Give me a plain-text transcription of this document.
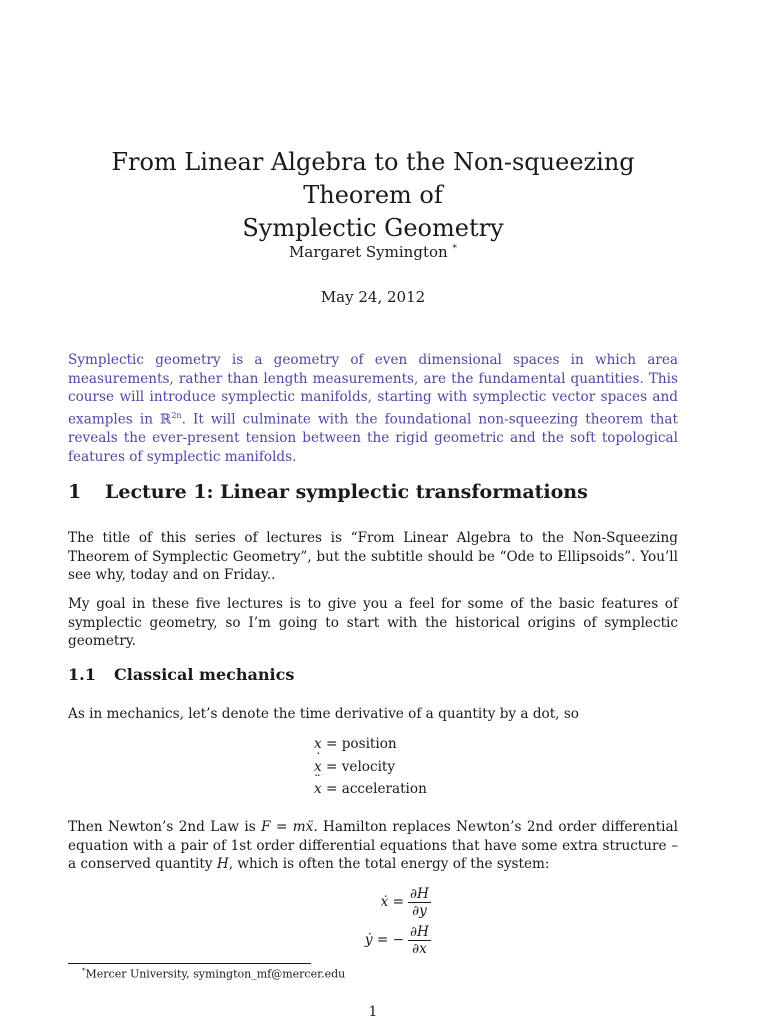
From Linear Algebra to the Non-squeezing Theorem of
Symplectic Geometry
Margaret Symington *
May 24, 2012

Symplectic geometry is a geometry of even dimensional spaces in which area measurements, rather than length measurements, are the fundamental quantities. This course will introduce symplectic manifolds, starting with symplectic vector spaces and examples in ℝ$^{2n}$. It will culminate with the foundational non-squeezing theorem that reveals the ever-present tension between the rigid geometric and the soft topological features of symplectic manifolds.

1 Lecture 1: Linear symplectic transformations

The title of this series of lectures is “From Linear Algebra to the Non-Squeezing Theorem of Symplectic Geometry”, but the subtitle should be “Ode to Ellipsoids”. You’ll see why, today and on Friday..

My goal in these five lectures is to give you a feel for some of the basic features of symplectic geometry, so I’m going to start with the historical origins of symplectic geometry.

1.1 Classical mechanics

As in mechanics, let’s denote the time derivative of a quantity by a dot, so

x = position
˙ x = velocity
¨ x = acceleration

Then Newton’s 2nd Law is F = mẍ. Hamilton replaces Newton’s 2nd order differential equation with a pair of 1st order differential equations that have some extra structure – a conserved quantity H, which is often the total energy of the system:

ẋ = $\frac{\partial H}{\partial y}$
ẏ = − $\frac{\partial H}{\partial x}$
*Mercer University, symington_mf@mercer.edu
1
